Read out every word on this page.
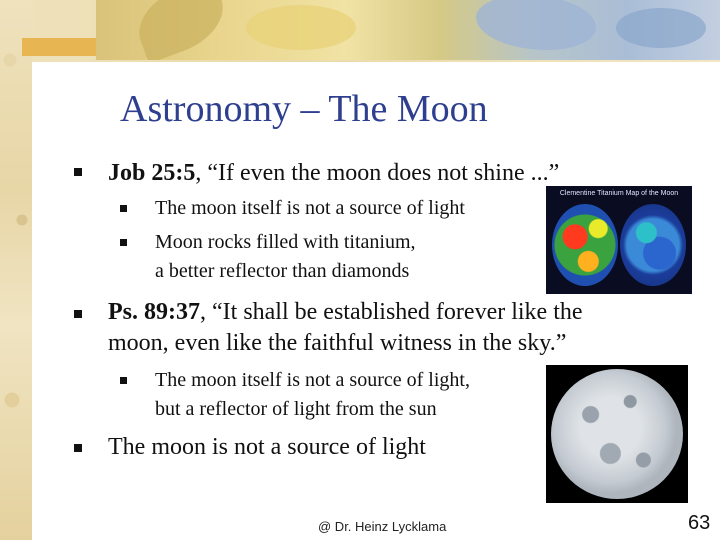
Astronomy – The Moon
Job 25:5, “If even the moon does not shine ...”
The moon itself is not a source of light
Moon rocks filled with titanium,
a better reflector than diamonds
Clementine Titanium Map of the Moon
Ps. 89:37, “It shall be established forever like the
moon, even like the faithful witness in the sky.”
The moon itself is not a source of light,
but a reflector of light from the sun
The moon is not a source of light
@ Dr. Heinz Lycklama	63
